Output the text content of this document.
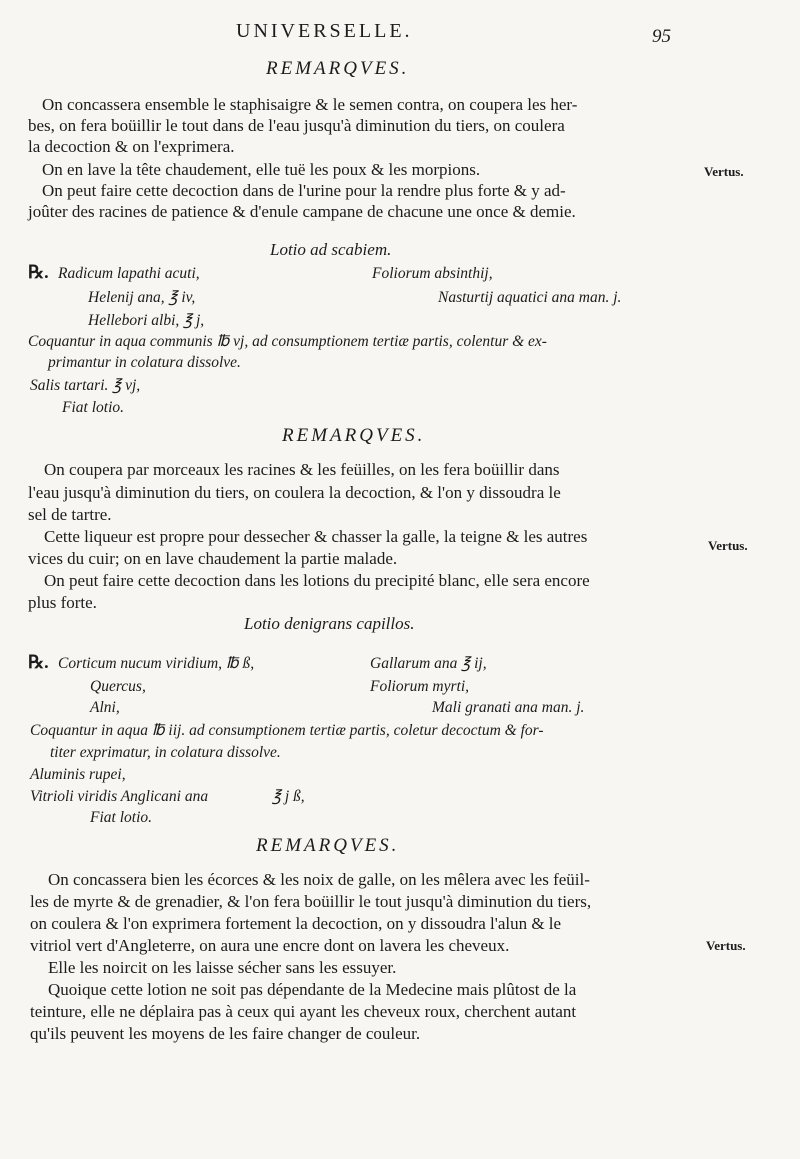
UNIVERSELLE.	95
REMARQVES.
On concassera ensemble le staphisaigre & le semen contra, on coupera les her-
bes, on fera boüillir le tout dans de l'eau jusqu'à diminution du tiers, on coulera
la decoction & on l'exprimera.
On en lave la tête chaudement, elle tuë les poux & les morpions.
On peut faire cette decoction dans de l'urine pour la rendre plus forte & y ad-
joûter des racines de patience & d'enule campane de chacune une once & demie.
Vertus.
Lotio ad scabiem.
℞. Radicum lapathi acuti,	Foliorum absinthij,
Helenij ana, ℥ iv,	Nasturtij aquatici ana man. j.
Hellebori albi, ℥ j,
Coquantur in aqua communis ℔ vj, ad consumptionem tertiæ partis, colentur & ex-
primantur in colatura dissolve.
Salis tartari. ℥ vj,
Fiat lotio.
REMARQVES.
On coupera par morceaux les racines & les feüilles, on les fera boüillir dans
l'eau jusqu'à diminution du tiers, on coulera la decoction, & l'on y dissoudra le
sel de tartre.
Cette liqueur est propre pour dessecher & chasser la galle, la teigne & les autres
vices du cuir; on en lave chaudement la partie malade.
On peut faire cette decoction dans les lotions du precipité blanc, elle sera encore
plus forte.
Vertus.
Lotio denigrans capillos.
℞. Corticum nucum viridium, ℔ ß,	Gallarum ana ℥ ij,
Quercus,	Foliorum myrti,
Alni,	Mali granati ana man. j.
Coquantur in aqua ℔ iij. ad consumptionem tertiæ partis, coletur decoctum & for-
titer exprimatur, in colatura dissolve.
Aluminis rupei,
Vitrioli viridis Anglicani ana	℥ j ß,
Fiat lotio.
REMARQVES.
On concassera bien les écorces & les noix de galle, on les mêlera avec les feüil-
les de myrte & de grenadier, & l'on fera boüillir le tout jusqu'à diminution du tiers,
on coulera & l'on exprimera fortement la decoction, on y dissoudra l'alun & le
vitriol vert d'Angleterre, on aura une encre dont on lavera les cheveux.
Elle les noircit on les laisse sécher sans les essuyer.
Quoique cette lotion ne soit pas dépendante de la Medecine mais plûtost de la
teinture, elle ne déplaira pas à ceux qui ayant les cheveux roux, cherchent autant
qu'ils peuvent les moyens de les faire changer de couleur.
Vertus.
